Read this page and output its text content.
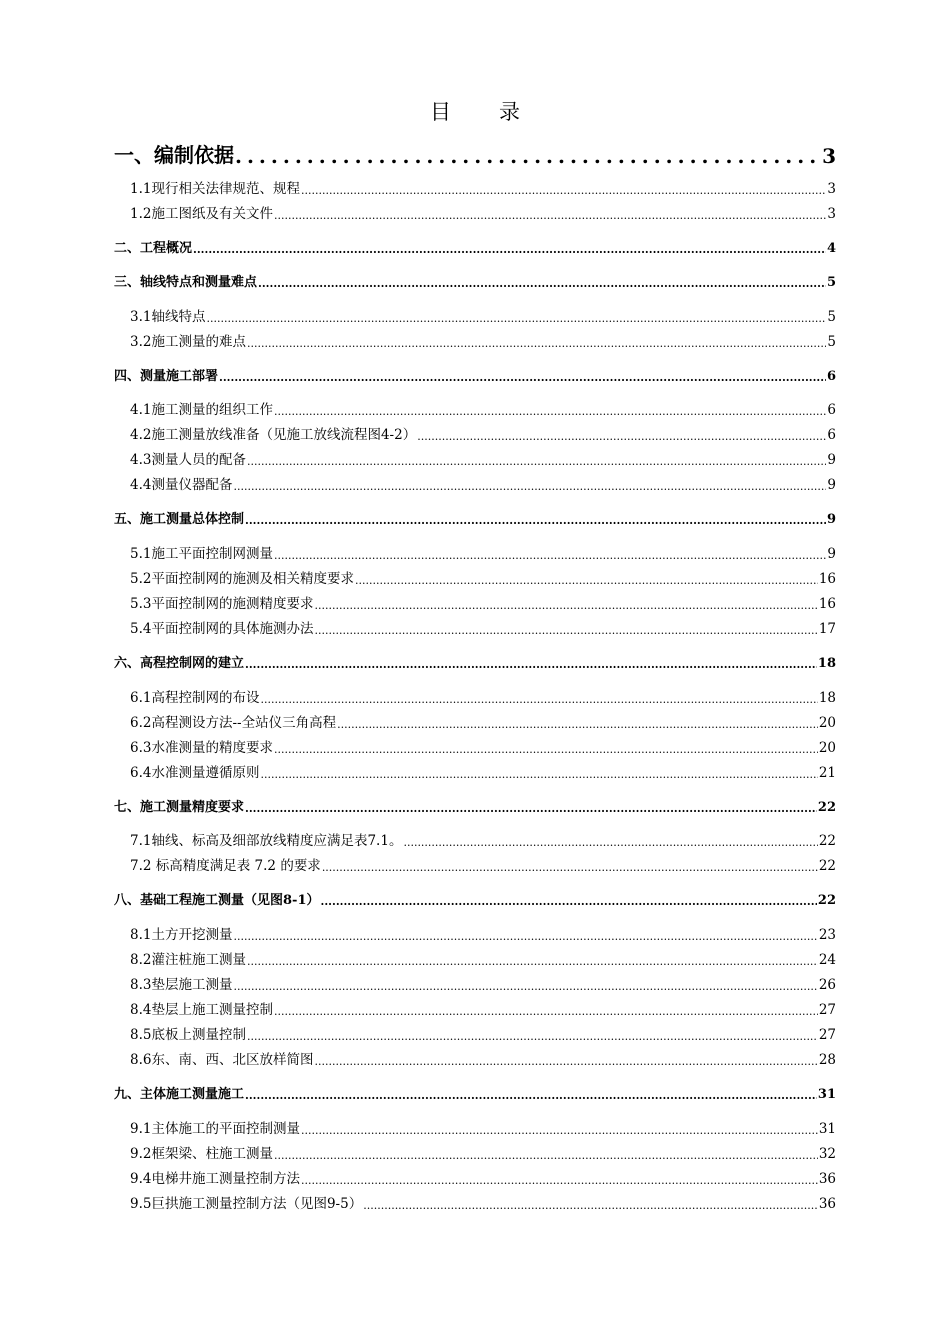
目 录
一、编制依据 .....	3
1.1现行相关法律规范、规程 .....	3
1.2施工图纸及有关文件 .....	3
二、工程概况 .....	4
三、轴线特点和测量难点 .....	5
3.1轴线特点 .....	5
3.2施工测量的难点 .....	5
四、测量施工部署 .....	6
4.1施工测量的组织工作 .....	6
4.2施工测量放线准备（见施工放线流程图4-2） .....	6
4.3测量人员的配备 .....	9
4.4测量仪器配备 .....	9
五、施工测量总体控制 .....	9
5.1施工平面控制网测量 .....	9
5.2平面控制网的施测及相关精度要求 .....	16
5.3平面控制网的施测精度要求 .....	16
5.4平面控制网的具体施测办法 .....	17
六、高程控制网的建立 .....	18
6.1高程控制网的布设 .....	18
6.2高程测设方法--全站仪三角高程 .....	20
6.3水准测量的精度要求 .....	20
6.4水准测量遵循原则 .....	21
七、施工测量精度要求 .....	22
7.1轴线、标高及细部放线精度应满足表7.1。 .....	22
7.2 标高精度满足表 7.2 的要求 .....	22
八、基础工程施工测量（见图8-1） .....	22
8.1土方开挖测量 .....	23
8.2灌注桩施工测量 .....	24
8.3垫层施工测量 .....	26
8.4垫层上施工测量控制 .....	27
8.5底板上测量控制 .....	27
8.6东、南、西、北区放样简图 .....	28
九、主体施工测量施工 .....	31
9.1主体施工的平面控制测量 .....	31
9.2框架梁、柱施工测量 .....	32
9.4电梯井施工测量控制方法 .....	36
9.5巨拱施工测量控制方法（见图9-5） .....	36
